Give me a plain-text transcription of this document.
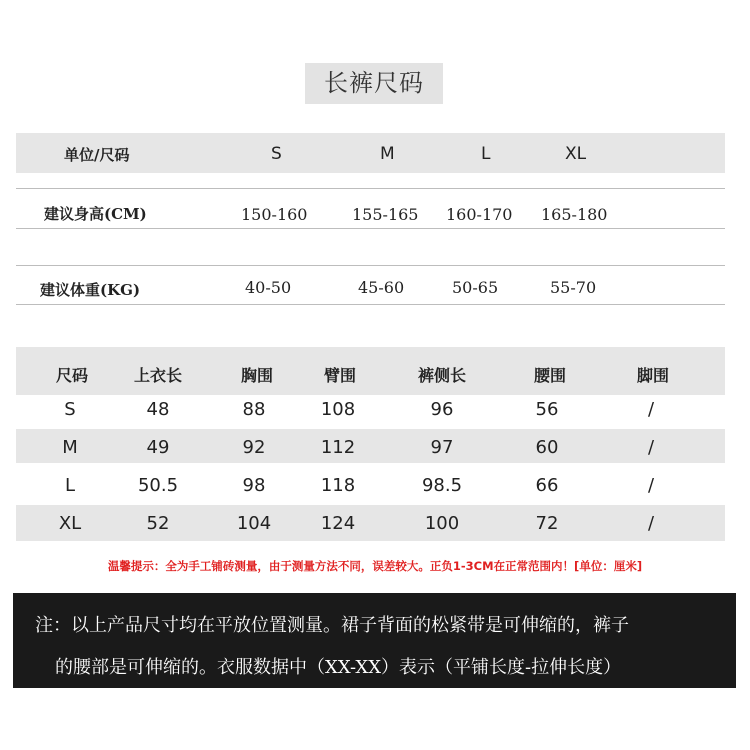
长裤尺码
单位/尺码	S	M	L	XL
建议身高(CM)	150-160	155-165 160-170 165-180
建议体重(KG)	40-50	45-60	50-65	55-70
尺码	上衣长	胸围	臂围	裤侧长	腰围	脚围
S	48	88	108	96	56	/
M	49	92	112	97	60	/
L	50.5	98	118	98.5	66	/
XL	52	104	124	100	72	/
温馨提示：全为手工铺砖测量，由于测量方法不同，误差较大。正负1-3CM在正常范围内！[单位：厘米]
注：以上产品尺寸均在平放位置测量。裙子背面的松紧带是可伸缩的，裤子
的腰部是可伸缩的。衣服数据中（XX-XX）表示（平铺长度-拉伸长度）
